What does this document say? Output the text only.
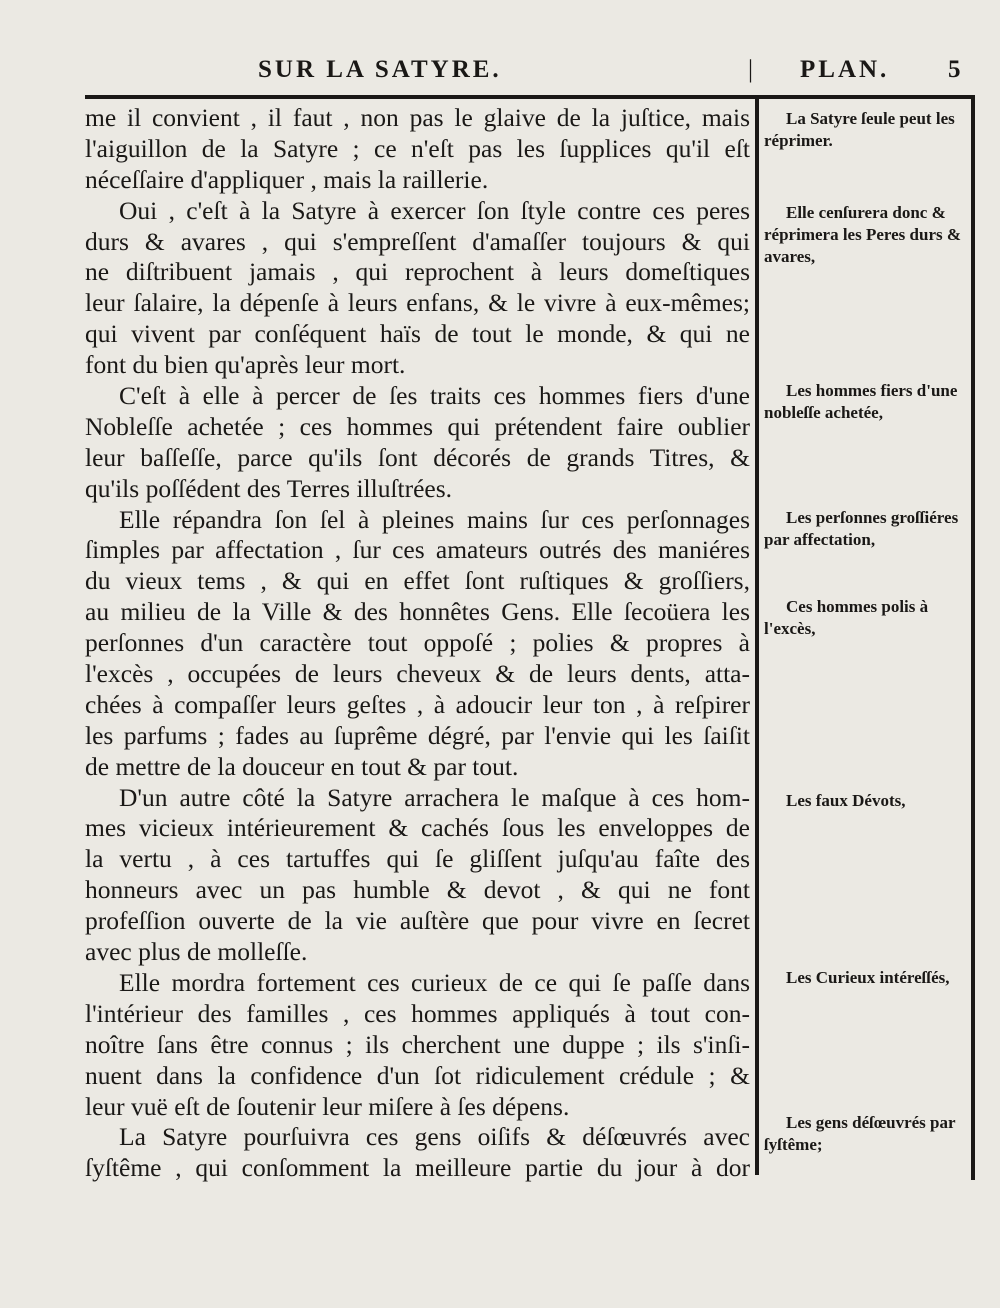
SUR LA SATYRE.	| PLAN. 5
me il convient , il faut , non pas le glaive de la juſtice, mais
l'aiguillon de la Satyre ; ce n'eſt pas les ſupplices qu'il eſt
néceſſaire d'appliquer , mais la raillerie.
Oui , c'eſt à la Satyre à exercer ſon ſtyle contre ces peres
durs & avares , qui s'empreſſent d'amaſſer toujours & qui
ne diſtribuent jamais , qui reprochent à leurs domeſtiques
leur ſalaire, la dépenſe à leurs enfans, & le vivre à eux-mêmes;
qui vivent par conſéquent haïs de tout le monde, & qui ne
font du bien qu'après leur mort.
C'eſt à elle à percer de ſes traits ces hommes fiers d'une
Nobleſſe achetée ; ces hommes qui prétendent faire oublier
leur baſſeſſe, parce qu'ils ſont décorés de grands Titres, &
qu'ils poſſédent des Terres illuſtrées.
Elle répandra ſon ſel à pleines mains ſur ces perſonnages
ſimples par affectation , ſur ces amateurs outrés des maniéres
du vieux tems , & qui en effet ſont ruſtiques & groſſiers,
au milieu de la Ville & des honnêtes Gens. Elle ſecoüera les
perſonnes d'un caractère tout oppoſé ; polies & propres à
l'excès , occupées de leurs cheveux & de leurs dents, atta-
chées à compaſſer leurs geſtes , à adoucir leur ton , à reſpirer
les parfums ; fades au ſuprême dégré, par l'envie qui les ſaiſit
de mettre de la douceur en tout & par tout.
D'un autre côté la Satyre arrachera le maſque à ces hom-
mes vicieux intérieurement & cachés ſous les enveloppes de
la vertu , à ces tartuffes qui ſe gliſſent juſqu'au faîte des
honneurs avec un pas humble & devot , & qui ne font
profeſſion ouverte de la vie auſtère que pour vivre en ſecret
avec plus de molleſſe.
Elle mordra fortement ces curieux de ce qui ſe paſſe dans
l'intérieur des familles , ces hommes appliqués à tout con-
noître ſans être connus ; ils cherchent une duppe ; ils s'inſi-
nuent dans la confidence d'un ſot ridiculement crédule ; &
leur vuë eſt de ſoutenir leur miſere à ſes dépens.
La Satyre pourſuivra ces gens oiſifs & déſœuvrés avec
ſyſtême , qui conſomment la meilleure partie du jour à dor
La Satyre ſeule peut les
réprimer.
Elle cenſurera donc &
réprimera les Peres durs & avares,
Les hommes fiers d'une
nobleſſe achetée,
Les perſonnes groſſiéres
par affectation,
Ces hommes polis à
l'excès,
Les faux Dévots,
Les Curieux intéreſſés,
Les gens déſœuvrés par
ſyſtême;
